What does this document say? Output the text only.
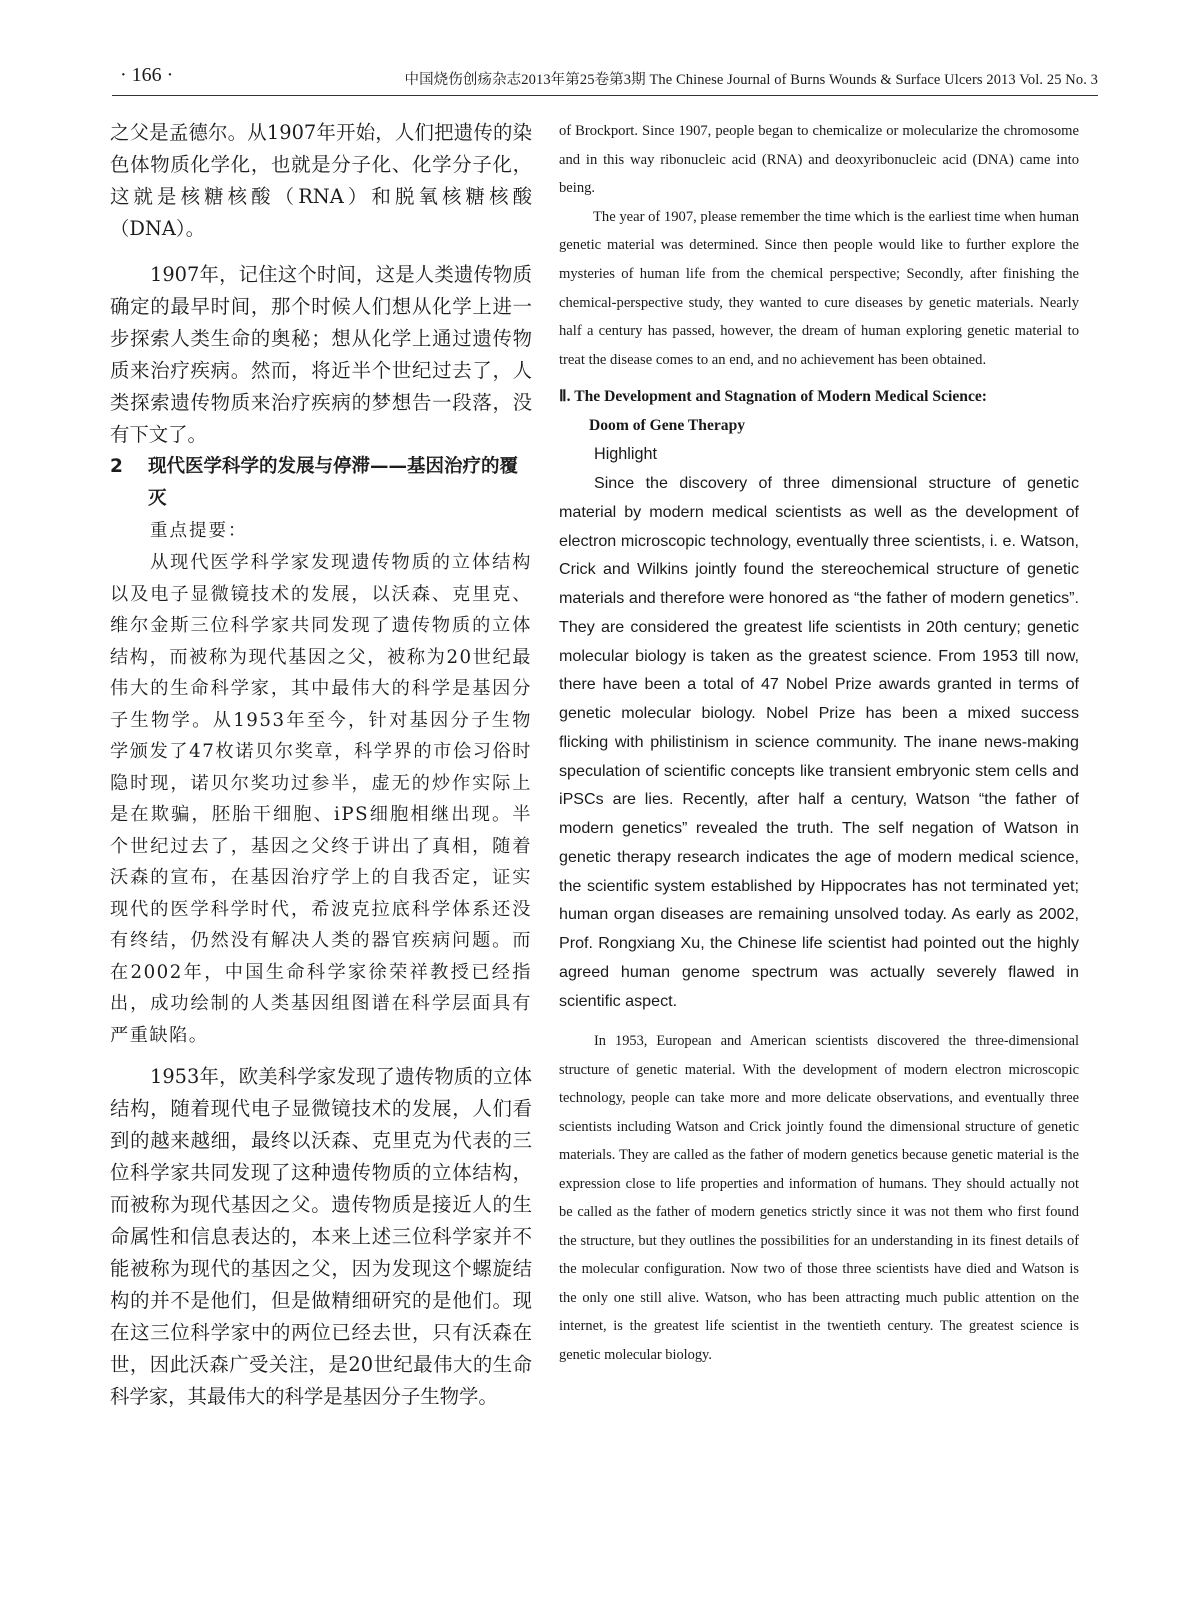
· 166 ·	中国烧伤创疡杂志2013年第25卷第3期 The Chinese Journal of Burns Wounds & Surface Ulcers 2013 Vol. 25 No. 3

之父是孟德尔。从1907年开始，人们把遗传的染色体物质化学化，也就是分子化、化学分子化，这就是核糖核酸（RNA）和脱氧核糖核酸（DNA）。

1907年，记住这个时间，这是人类遗传物质确定的最早时间，那个时候人们想从化学上进一步探索人类生命的奥秘；想从化学上通过遗传物质来治疗疾病。然而，将近半个世纪过去了，人类探索遗传物质来治疗疾病的梦想告一段落，没有下文了。

2	现代医学科学的发展与停滞——基因治疗的覆灭
重点提要：

从现代医学科学家发现遗传物质的立体结构以及电子显微镜技术的发展，以沃森、克里克、维尔金斯三位科学家共同发现了遗传物质的立体结构，而被称为现代基因之父，被称为20世纪最伟大的生命科学家，其中最伟大的科学是基因分子生物学。从1953年至今，针对基因分子生物学颁发了47枚诺贝尔奖章，科学界的市侩习俗时隐时现，诺贝尔奖功过参半，虚无的炒作实际上是在欺骗，胚胎干细胞、iPS细胞相继出现。半个世纪过去了，基因之父终于讲出了真相，随着沃森的宣布，在基因治疗学上的自我否定，证实现代的医学科学时代，希波克拉底科学体系还没有终结，仍然没有解决人类的器官疾病问题。而在2002年，中国生命科学家徐荣祥教授已经指出，成功绘制的人类基因组图谱在科学层面具有严重缺陷。

1953年，欧美科学家发现了遗传物质的立体结构，随着现代电子显微镜技术的发展，人们看到的越来越细，最终以沃森、克里克为代表的三位科学家共同发现了这种遗传物质的立体结构，而被称为现代基因之父。遗传物质是接近人的生命属性和信息表达的，本来上述三位科学家并不能被称为现代的基因之父，因为发现这个螺旋结构的并不是他们，但是做精细研究的是他们。现在这三位科学家中的两位已经去世，只有沃森在世，因此沃森广受关注，是20世纪最伟大的生命科学家，其最伟大的科学是基因分子生物学。

of Brockport. Since 1907, people began to chemicalize or molecularize the chromosome and in this way ribonucleic acid (RNA) and deoxyribonucleic acid (DNA) came into being.

The year of 1907, please remember the time which is the earliest time when human genetic material was determined. Since then people would like to further explore the mysteries of human life from the chemical perspective; Secondly, after finishing the chemical-perspective study, they wanted to cure diseases by genetic materials. Nearly half a century has passed, however, the dream of human exploring genetic material to treat the disease comes to an end, and no achievement has been obtained.

Ⅱ. The Development and Stagnation of Modern Medical Science:
Doom of Gene Therapy

Highlight

Since the discovery of three dimensional structure of genetic material by modern medical scientists as well as the development of electron microscopic technology, eventually three scientists, i. e. Watson, Crick and Wilkins jointly found the stereochemical structure of genetic materials and therefore were honored as “the father of modern genetics”. They are considered the greatest life scientists in 20th century; genetic molecular biology is taken as the greatest science. From 1953 till now, there have been a total of 47 Nobel Prize awards granted in terms of genetic molecular biology. Nobel Prize has been a mixed success flicking with philistinism in science community. The inane news-making speculation of scientific concepts like transient embryonic stem cells and iPSCs are lies. Recently, after half a century, Watson “the father of modern genetics” revealed the truth. The self negation of Watson in genetic therapy research indicates the age of modern medical science, the scientific system established by Hippocrates has not terminated yet; human organ diseases are remaining unsolved today. As early as 2002, Prof. Rongxiang Xu, the Chinese life scientist had pointed out the highly agreed human genome spectrum was actually severely flawed in scientific aspect.

In 1953, European and American scientists discovered the three-dimensional structure of genetic material. With the development of modern electron microscopic technology, people can take more and more delicate observations, and eventually three scientists including Watson and Crick jointly found the dimensional structure of genetic materials. They are called as the father of modern genetics because genetic material is the expression close to life properties and information of humans. They should actually not be called as the father of modern genetics strictly since it was not them who first found the structure, but they outlines the possibilities for an understanding in its finest details of the molecular configuration. Now two of those three scientists have died and Watson is the only one still alive. Watson, who has been attracting much public attention on the internet, is the greatest life scientist in the twentieth century. The greatest science is genetic molecular biology.
